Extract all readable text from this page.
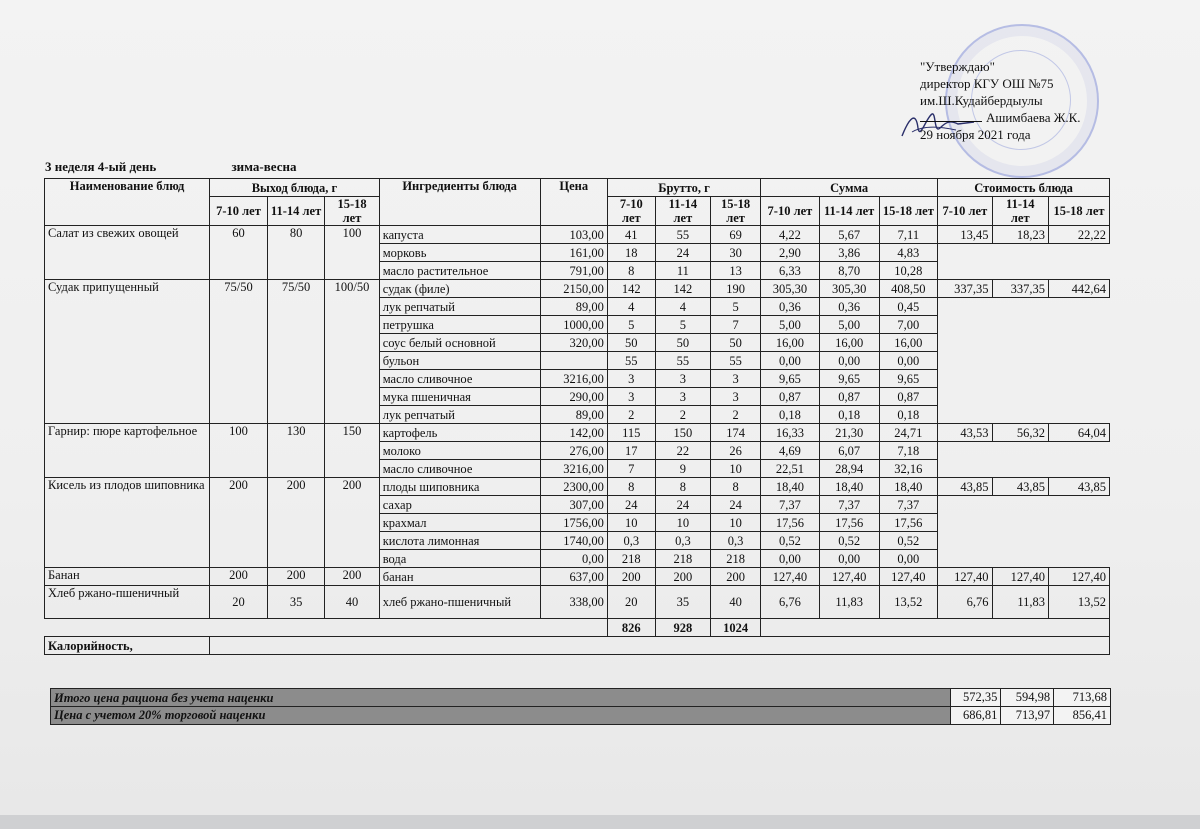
"Утверждаю"
директор КГУ ОШ №75
им.Ш.Кудайбердыулы
Ашимбаева Ж.К.
29 ноября 2021 года
3 неделя 4-ый день	зима-весна
Наименование блюд	Выход блюда, г			Ингредиенты блюда	Цена	Брутто, г			Сумма			Стоимость блюда		
	7-10 лет	11-14 лет	15-18 лет			7-10 лет	11-14 лет	15-18 лет	7-10 лет	11-14 лет	15-18 лет	7-10 лет	11-14 лет	15-18 лет
Салат из свежих овощей	60	80	100	капуста	103,00	41	55	69	4,22	5,67	7,11	13,45	18,23	22,22
				морковь	161,00	18	24	30	2,90	3,86	4,83			
				масло растительное	791,00	8	11	13	6,33	8,70	10,28			
Судак припущенный	75/50	75/50	100/50	судак (филе)	2150,00	142	142	190	305,30	305,30	408,50	337,35	337,35	442,64
				лук репчатый	89,00	4	4	5	0,36	0,36	0,45			
				петрушка	1000,00	5	5	7	5,00	5,00	7,00			
				соус белый основной	320,00	50	50	50	16,00	16,00	16,00			
				бульон		55	55	55	0,00	0,00	0,00			
				масло сливочное	3216,00	3	3	3	9,65	9,65	9,65			
				мука пшеничная	290,00	3	3	3	0,87	0,87	0,87			
				лук репчатый	89,00	2	2	2	0,18	0,18	0,18			
Гарнир: пюре картофельное	100	130	150	картофель	142,00	115	150	174	16,33	21,30	24,71	43,53	56,32	64,04
				молоко	276,00	17	22	26	4,69	6,07	7,18			
				масло сливочное	3216,00	7	9	10	22,51	28,94	32,16			
Кисель из плодов шиповника	200	200	200	плоды шиповника	2300,00	8	8	8	18,40	18,40	18,40	43,85	43,85	43,85
				сахар	307,00	24	24	24	7,37	7,37	7,37			
				крахмал	1756,00	10	10	10	17,56	17,56	17,56			
				кислота лимонная	1740,00	0,3	0,3	0,3	0,52	0,52	0,52			
				вода	0,00	218	218	218	0,00	0,00	0,00			
Банан	200	200	200	банан	637,00	200	200	200	127,40	127,40	127,40	127,40	127,40	127,40
Хлеб ржано-пшеничный	20	35	40	хлеб ржано-пшеничный	338,00	20	35	40	6,76	11,83	13,52	6,76	11,83	13,52
						826	928	1024						
Калорийность,														
Итого цена рациона без учета наценки	572,35	594,98	713,68
Цена с учетом 20% торговой наценки	686,81	713,97	856,41
